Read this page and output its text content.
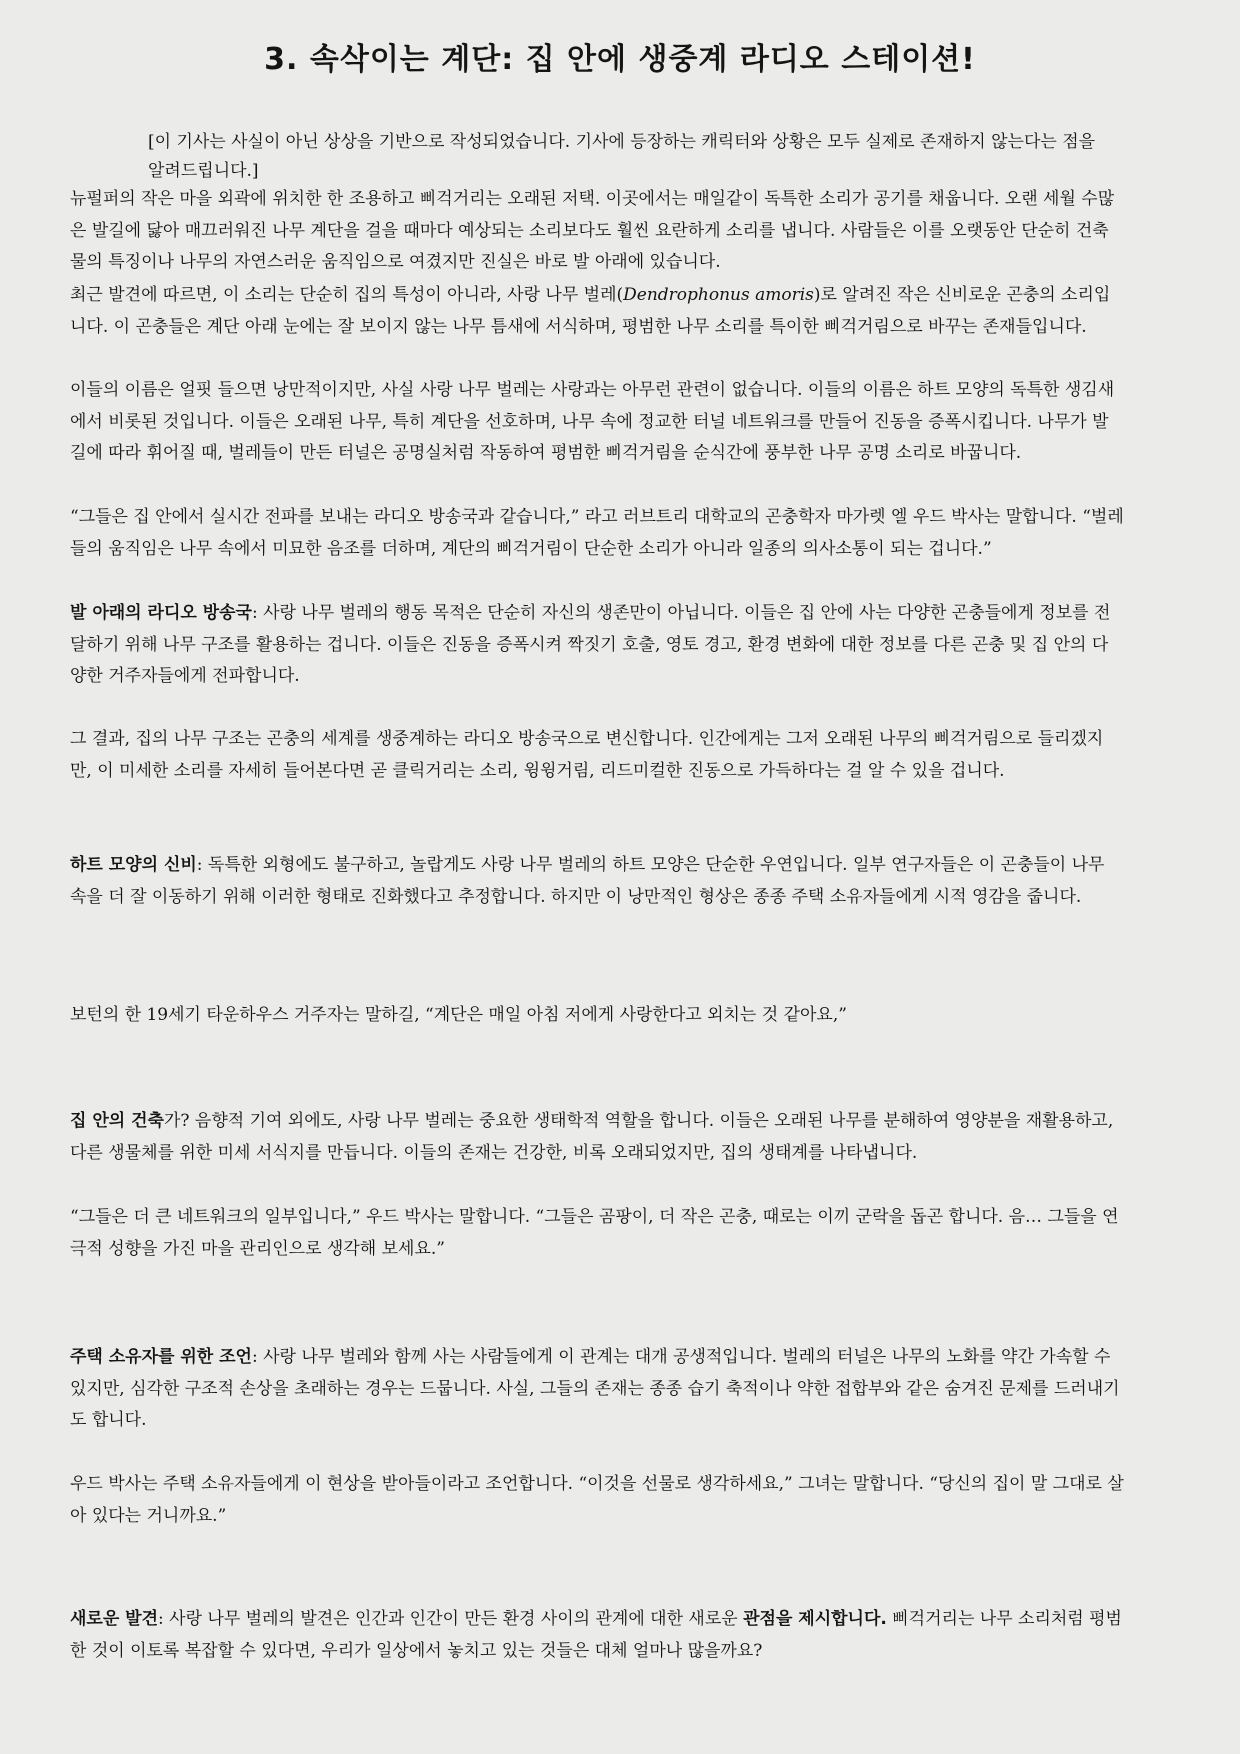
3. 속삭이는 계단: 집 안에 생중계 라디오 스테이션!
[이 기사는 사실이 아닌 상상을 기반으로 작성되었습니다. 기사에 등장하는 캐릭터와 상황은 모두 실제로 존재하지 않는다는 점을 알려드립니다.]
뉴펄퍼의 작은 마을 외곽에 위치한 한 조용하고 삐걱거리는 오래된 저택. 이곳에서는 매일같이 독특한 소리가 공기를 채웁니다. 오랜 세월 수많은 발길에 닳아 매끄러워진 나무 계단을 걸을 때마다 예상되는 소리보다도 훨씬 요란하게 소리를 냅니다. 사람들은 이를 오랫동안 단순히 건축물의 특징이나 나무의 자연스러운 움직임으로 여겼지만 진실은 바로 발 아래에 있습니다.
최근 발견에 따르면, 이 소리는 단순히 집의 특성이 아니라, 사랑 나무 벌레(Dendrophonus amoris)로 알려진 작은 신비로운 곤충의 소리입니다. 이 곤충들은 계단 아래 눈에는 잘 보이지 않는 나무 틈새에 서식하며, 평범한 나무 소리를 특이한 삐걱거림으로 바꾸는 존재들입니다.
이들의 이름은 얼핏 들으면 낭만적이지만, 사실 사랑 나무 벌레는 사랑과는 아무런 관련이 없습니다. 이들의 이름은 하트 모양의 독특한 생김새에서 비롯된 것입니다. 이들은 오래된 나무, 특히 계단을 선호하며, 나무 속에 정교한 터널 네트워크를 만들어 진동을 증폭시킵니다. 나무가 발길에 따라 휘어질 때, 벌레들이 만든 터널은 공명실처럼 작동하여 평범한 삐걱거림을 순식간에 풍부한 나무 공명 소리로 바꿉니다.
“그들은 집 안에서 실시간 전파를 보내는 라디오 방송국과 같습니다,” 라고 러브트리 대학교의 곤충학자 마가렛 엘 우드 박사는 말합니다. “벌레들의 움직임은 나무 속에서 미묘한 음조를 더하며, 계단의 삐걱거림이 단순한 소리가 아니라 일종의 의사소통이 되는 겁니다.”
발 아래의 라디오 방송국: 사랑 나무 벌레의 행동 목적은 단순히 자신의 생존만이 아닙니다. 이들은 집 안에 사는 다양한 곤충들에게 정보를 전달하기 위해 나무 구조를 활용하는 겁니다. 이들은 진동을 증폭시켜 짝짓기 호출, 영토 경고, 환경 변화에 대한 정보를 다른 곤충 및 집 안의 다양한 거주자들에게 전파합니다.
그 결과, 집의 나무 구조는 곤충의 세계를 생중계하는 라디오 방송국으로 변신합니다. 인간에게는 그저 오래된 나무의 삐걱거림으로 들리겠지만, 이 미세한 소리를 자세히 들어본다면 곧 클릭거리는 소리, 윙윙거림, 리드미컬한 진동으로 가득하다는 걸 알 수 있을 겁니다.
하트 모양의 신비: 독특한 외형에도 불구하고, 놀랍게도 사랑 나무 벌레의 하트 모양은 단순한 우연입니다. 일부 연구자들은 이 곤충들이 나무 속을 더 잘 이동하기 위해 이러한 형태로 진화했다고 추정합니다. 하지만 이 낭만적인 형상은 종종 주택 소유자들에게 시적 영감을 줍니다.
보턴의 한 19세기 타운하우스 거주자는 말하길, “계단은 매일 아침 저에게 사랑한다고 외치는 것 같아요,”
집 안의 건축가? 음향적 기여 외에도, 사랑 나무 벌레는 중요한 생태학적 역할을 합니다. 이들은 오래된 나무를 분해하여 영양분을 재활용하고, 다른 생물체를 위한 미세 서식지를 만듭니다. 이들의 존재는 건강한, 비록 오래되었지만, 집의 생태계를 나타냅니다.
“그들은 더 큰 네트워크의 일부입니다,” 우드 박사는 말합니다. “그들은 곰팡이, 더 작은 곤충, 때로는 이끼 군락을 돕곤 합니다. 음… 그들을 연극적 성향을 가진 마을 관리인으로 생각해 보세요.”
주택 소유자를 위한 조언: 사랑 나무 벌레와 함께 사는 사람들에게 이 관계는 대개 공생적입니다. 벌레의 터널은 나무의 노화를 약간 가속할 수 있지만, 심각한 구조적 손상을 초래하는 경우는 드뭅니다. 사실, 그들의 존재는 종종 습기 축적이나 약한 접합부와 같은 숨겨진 문제를 드러내기도 합니다.
우드 박사는 주택 소유자들에게 이 현상을 받아들이라고 조언합니다. “이것을 선물로 생각하세요,” 그녀는 말합니다. “당신의 집이 말 그대로 살아 있다는 거니까요.”
새로운 발견: 사랑 나무 벌레의 발견은 인간과 인간이 만든 환경 사이의 관계에 대한 새로운 관점을 제시합니다. 삐걱거리는 나무 소리처럼 평범한 것이 이토록 복잡할 수 있다면, 우리가 일상에서 놓치고 있는 것들은 대체 얼마나 많을까요?
